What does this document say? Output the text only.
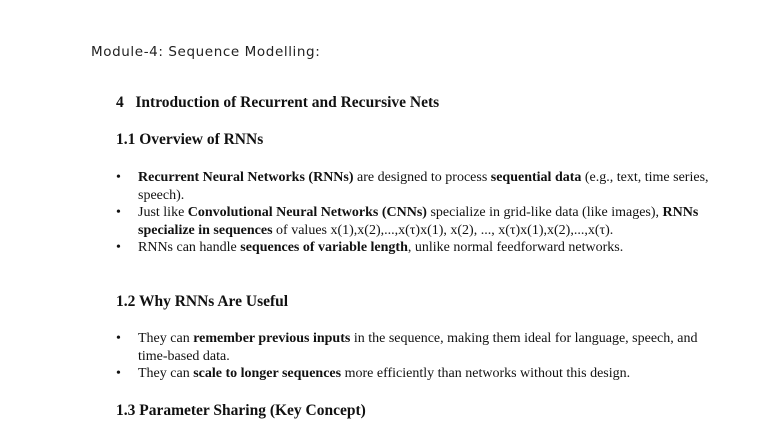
Module-4: Sequence Modelling:
4   Introduction of Recurrent and Recursive Nets
1.1 Overview of RNNs
• Recurrent Neural Networks (RNNs) are designed to process sequential data (e.g., text, time series, speech).
• Just like Convolutional Neural Networks (CNNs) specialize in grid-like data (like images), RNNs specialize in sequences of values x(1),x(2),...,x(τ)x(1), x(2), ..., x(τ)x(1),x(2),...,x(τ).
• RNNs can handle sequences of variable length, unlike normal feedforward networks.
1.2 Why RNNs Are Useful
• They can remember previous inputs in the sequence, making them ideal for language, speech, and time-based data.
• They can scale to longer sequences more efficiently than networks without this design.
1.3 Parameter Sharing (Key Concept)
